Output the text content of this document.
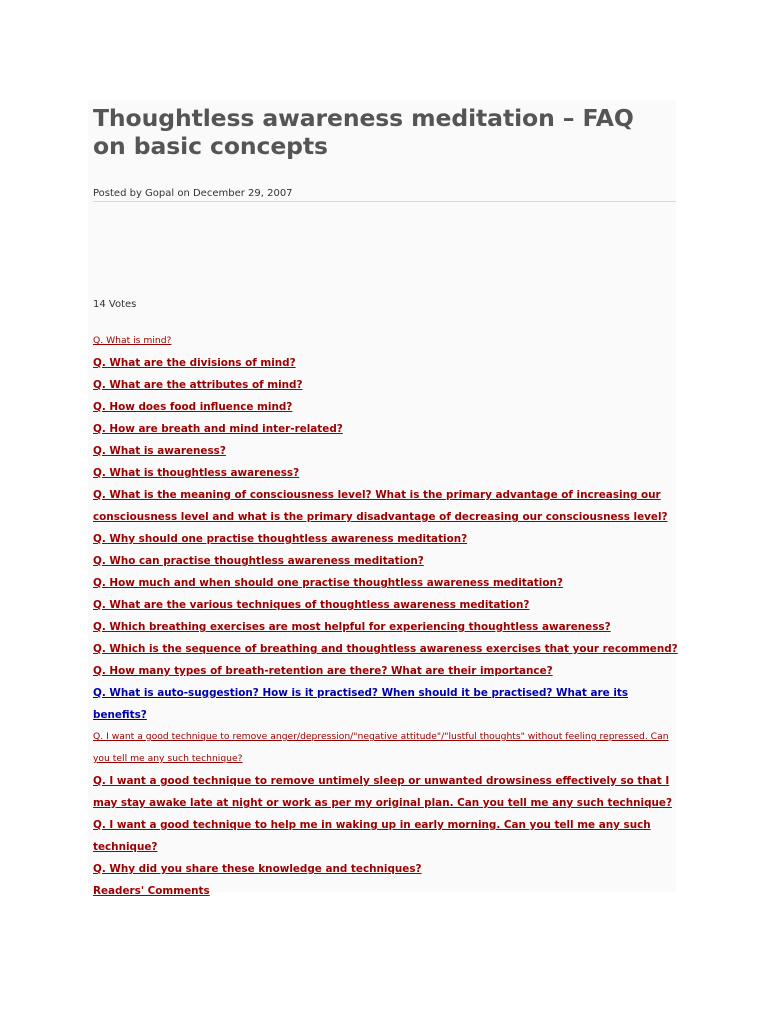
Thoughtless awareness meditation – FAQ on basic concepts
Posted by Gopal on December 29, 2007
14 Votes
Q. What is mind?
Q. What are the divisions of mind?
Q. What are the attributes of mind?
Q. How does food influence mind?
Q. How are breath and mind inter-related?
Q. What is awareness?
Q. What is thoughtless awareness?
Q. What is the meaning of consciousness level? What is the primary advantage of increasing our consciousness level and what is the primary disadvantage of decreasing our consciousness level?
Q. Why should one practise thoughtless awareness meditation?
Q. Who can practise thoughtless awareness meditation?
Q. How much and when should one practise thoughtless awareness meditation?
Q. What are the various techniques of thoughtless awareness meditation?
Q. Which breathing exercises are most helpful for experiencing thoughtless awareness?
Q. Which is the sequence of breathing and thoughtless awareness exercises that your recommend?
Q. How many types of breath-retention are there? What are their importance?
Q. What is auto-suggestion? How is it practised? When should it be practised? What are its benefits?
Q. I want a good technique to remove anger/depression/"negative attitude"/"lustful thoughts" without feeling repressed. Can you tell me any such technique?
Q. I want a good technique to remove untimely sleep or unwanted drowsiness effectively so that I may stay awake late at night or work as per my original plan. Can you tell me any such technique?
Q. I want a good technique to help me in waking up in early morning. Can you tell me any such technique?
Q. Why did you share these knowledge and techniques?
Readers' Comments
